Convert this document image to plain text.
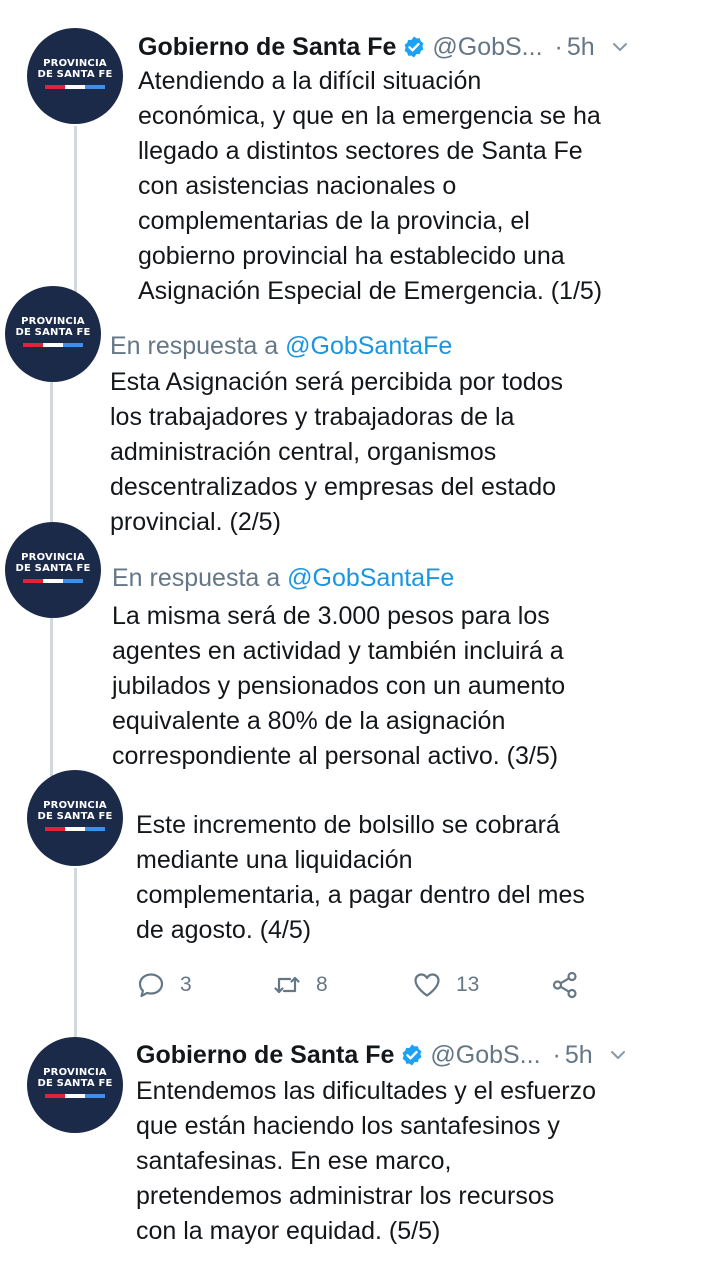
PROVINCIA
DE SANTA FE
PROVINCIA
DE SANTA FE
PROVINCIA
DE SANTA FE
PROVINCIA
DE SANTA FE
PROVINCIA
DE SANTA FE
Gobierno de Santa Fe @GobS... · 5h
Atendiendo a la difícil situación
económica, y que en la emergencia se ha
llegado a distintos sectores de Santa Fe
con asistencias nacionales o
complementarias de la provincia, el
gobierno provincial ha establecido una
Asignación Especial de Emergencia. (1/5)
En respuesta a @GobSantaFe
Esta Asignación será percibida por todos
los trabajadores y trabajadoras de la
administración central, organismos
descentralizados y empresas del estado
provincial. (2/5)
En respuesta a @GobSantaFe
La misma será de 3.000 pesos para los
agentes en actividad y también incluirá a
jubilados y pensionados con un aumento
equivalente a 80% de la asignación
correspondiente al personal activo. (3/5)
Este incremento de bolsillo se cobrará
mediante una liquidación
complementaria, a pagar dentro del mes
de agosto. (4/5)
3	8	13
Gobierno de Santa Fe @GobS... · 5h
Entendemos las dificultades y el esfuerzo
que están haciendo los santafesinos y
santafesinas. En ese marco,
pretendemos administrar los recursos
con la mayor equidad. (5/5)
